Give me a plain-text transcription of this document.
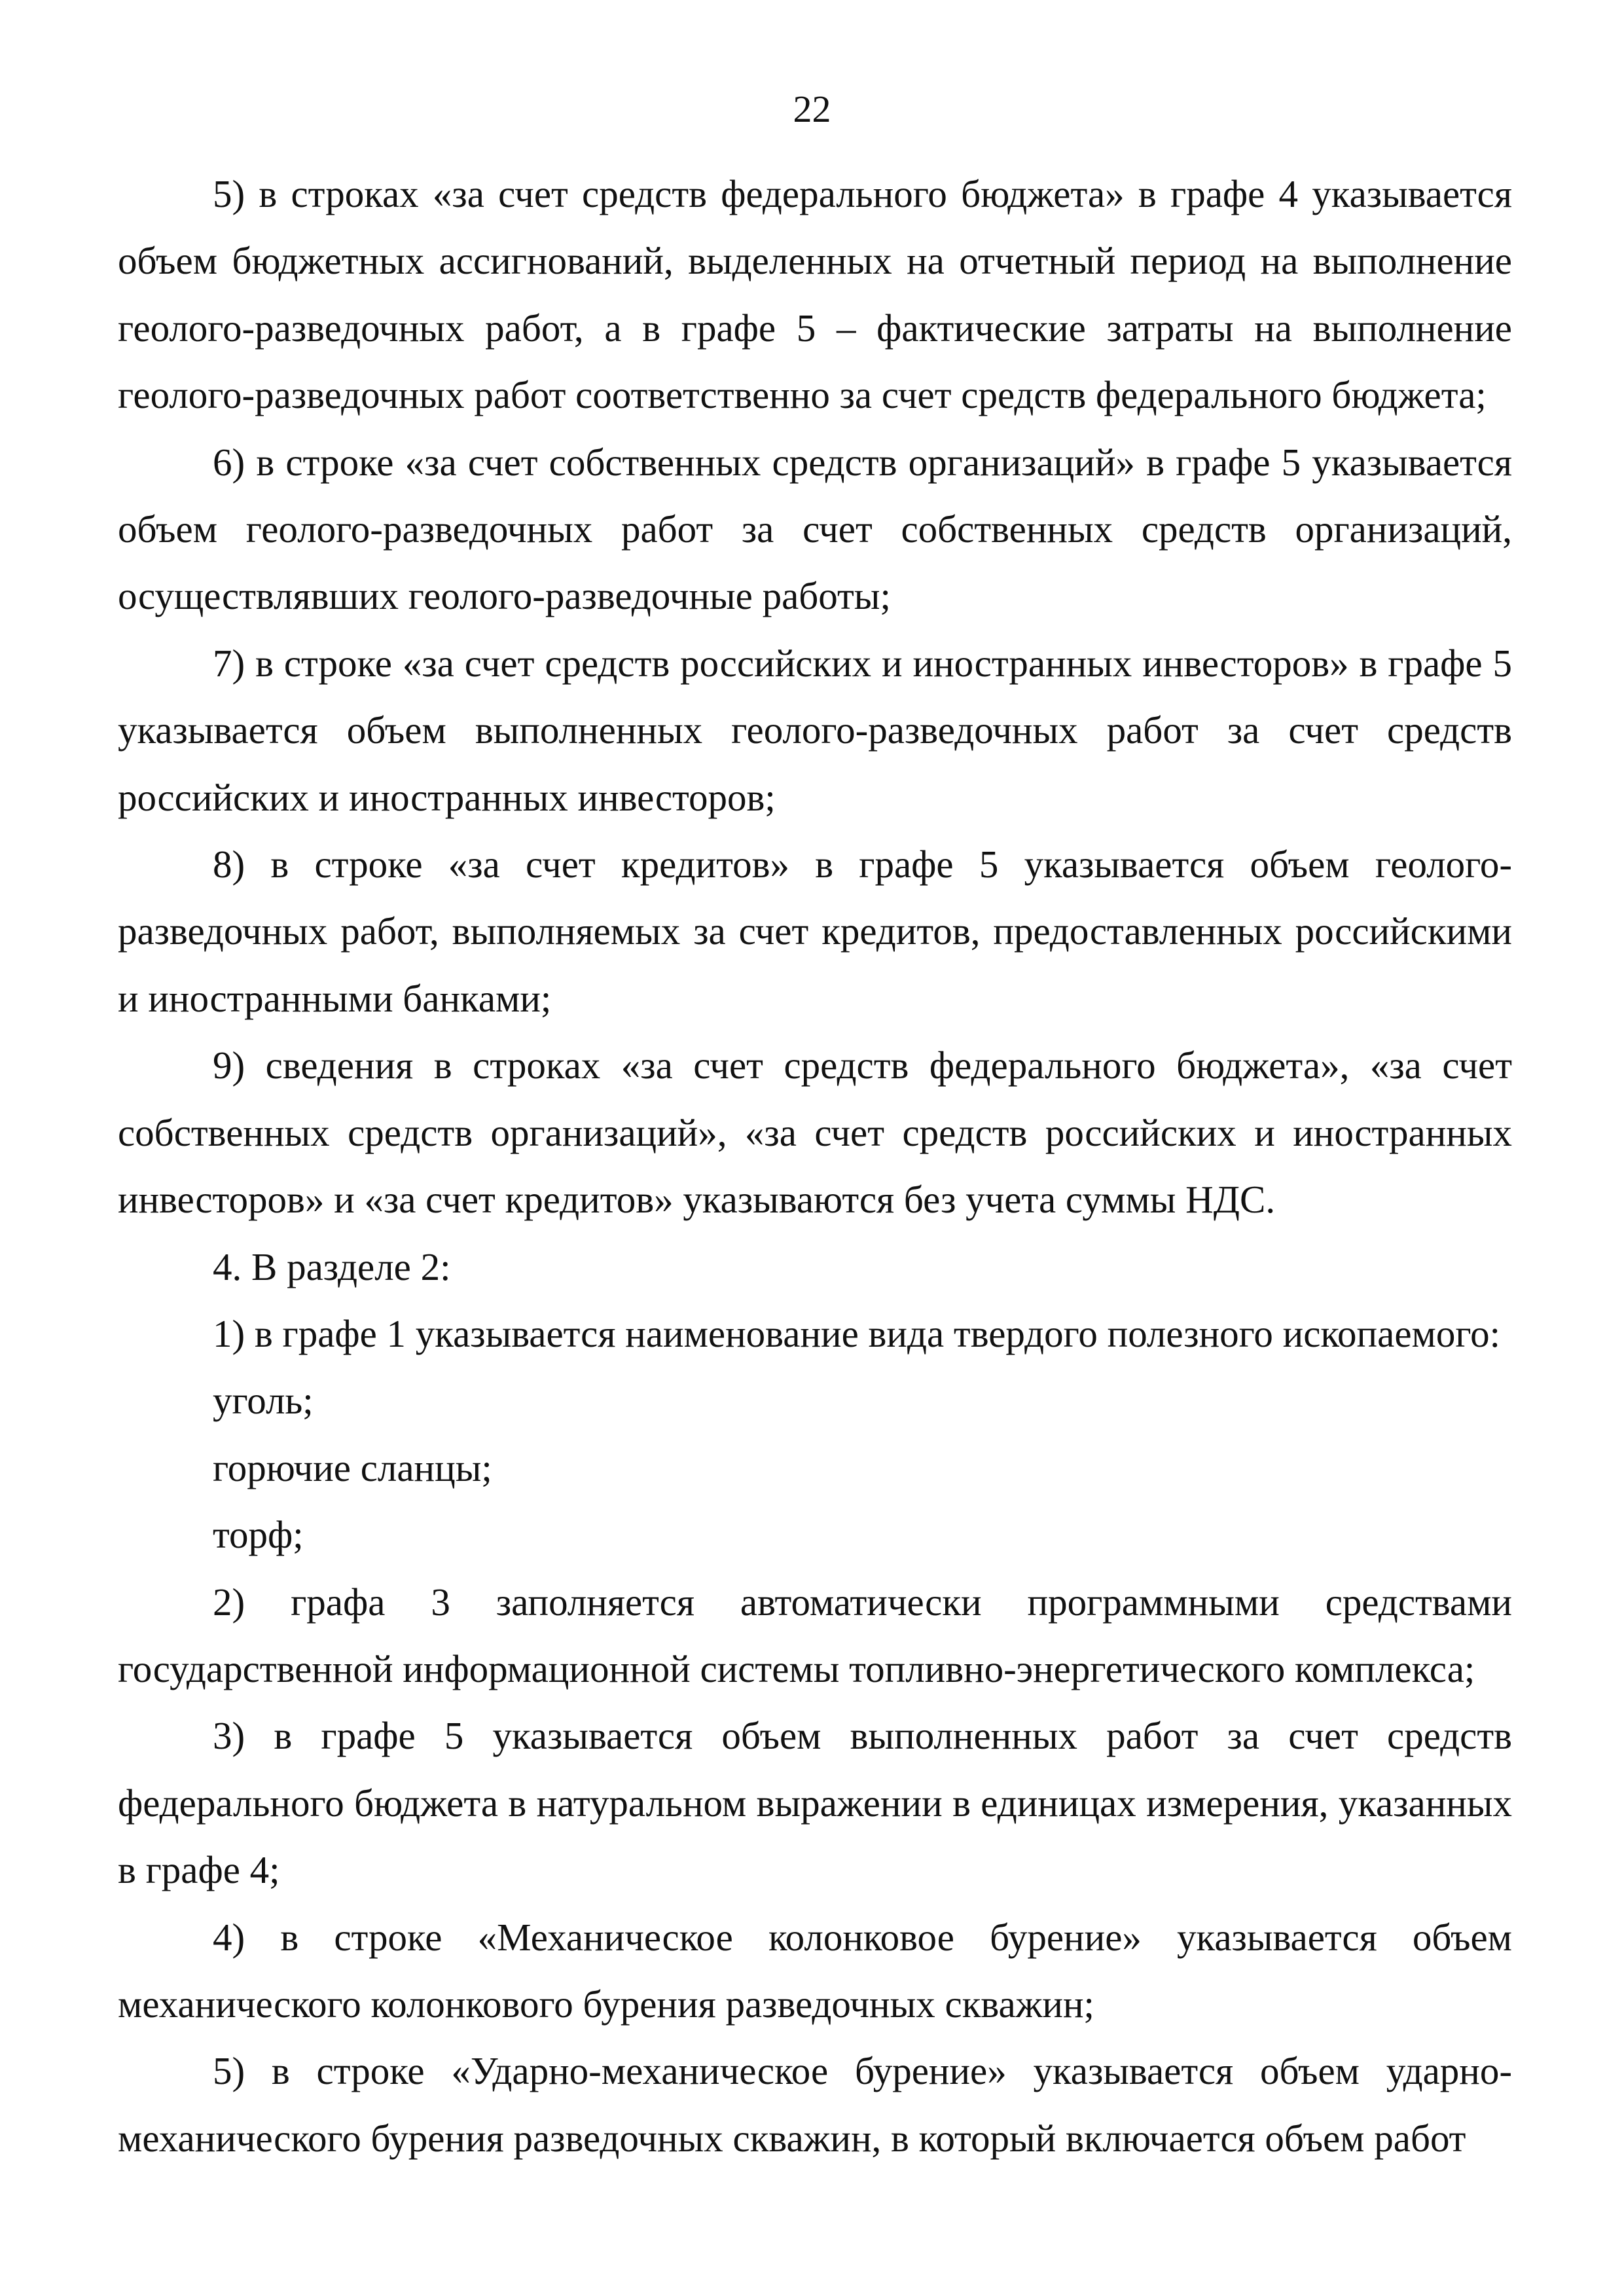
22

5) в строках «за счет средств федерального бюджета» в графе 4 указывается объем бюджетных ассигнований, выделенных на отчетный период на выполнение геолого-разведочных работ, а в графе 5 – фактические затраты на выполнение геолого-разведочных работ соответственно за счет средств федерального бюджета;

6) в строке «за счет собственных средств организаций» в графе 5 указывается объем геолого-разведочных работ за счет собственных средств организаций, осуществлявших геолого-разведочные работы;

7) в строке «за счет средств российских и иностранных инвесторов» в графе 5 указывается объем выполненных геолого-разведочных работ за счет средств российских и иностранных инвесторов;

8) в строке «за счет кредитов» в графе 5 указывается объем геолого-разведочных работ, выполняемых за счет кредитов, предоставленных российскими и иностранными банками;

9) сведения в строках «за счет средств федерального бюджета», «за счет собственных средств организаций», «за счет средств российских и иностранных инвесторов» и «за счет кредитов» указываются без учета суммы НДС.

4. В разделе 2:

1) в графе 1 указывается наименование вида твердого полезного ископаемого:

уголь;

горючие сланцы;

торф;

2) графа 3 заполняется автоматически программными средствами государственной информационной системы топливно-энергетического комплекса;

3) в графе 5 указывается объем выполненных работ за счет средств федерального бюджета в натуральном выражении в единицах измерения, указанных в графе 4;

4) в строке «Механическое колонковое бурение» указывается объем механического колонкового бурения разведочных скважин;

5) в строке «Ударно-механическое бурение» указывается объем ударно-механического бурения разведочных скважин, в который включается объем работ
